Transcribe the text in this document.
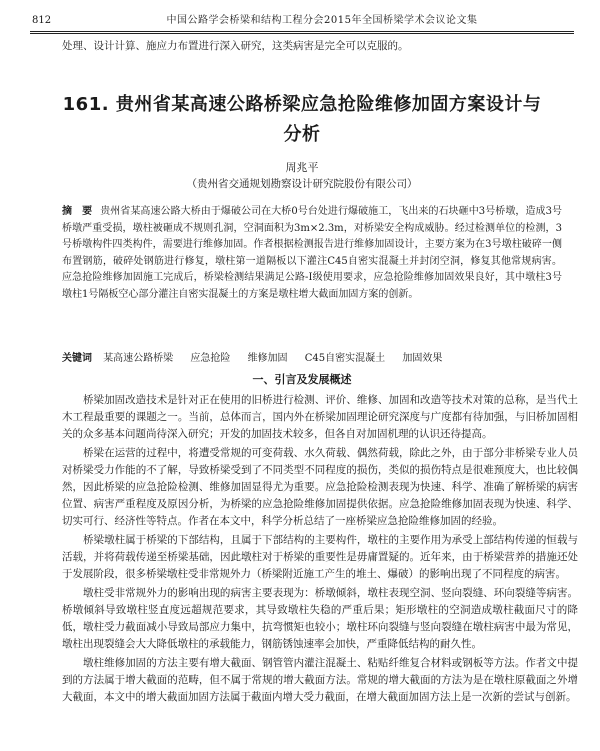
812	中国公路学会桥梁和结构工程分会2015年全国桥梁学术会议论文集
处理、设计计算、施应力布置进行深入研究，这类病害是完全可以克服的。
161. 贵州省某高速公路桥梁应急抢险维修加固方案设计与分析
周兆平
（贵州省交通规划勘察设计研究院股份有限公司）
摘　要 贵州省某高速公路大桥由于爆破公司在大桥0号台处进行爆破施工，飞出来的石块砸中3号桥墩，造成3号桥墩严重受损，墩柱被砸成不规则孔洞，空洞面积为3m×2.3m，对桥梁安全构成威胁。经过检测单位的检测，3号桥墩构件四类构件，需要进行维修加固。作者根据检测报告进行维修加固设计，主要方案为在3号墩柱破碎一侧布置钢筋，破碎处钢筋进行修复，墩柱第一道隔板以下灌注C45自密实混凝土并封闭空洞，修复其他常规病害。应急抢险维修加固施工完成后，桥梁检测结果满足公路-Ⅰ级使用要求，应急抢险维修加固效果良好，其中墩柱3号墩柱1号隔板空心部分灌注自密实混凝土的方案是墩柱增大截面加固方案的创新。
关键词 某高速公路桥梁 应急抢险 维修加固 C45自密实混凝土 加固效果
一、引言及发展概述

桥梁加固改造技术是针对正在使用的旧桥进行检测、评价、维修、加固和改造等技术对策的总称，是当代土木工程最重要的课题之一。当前，总体而言，国内外在桥梁加固理论研究深度与广度都有待加强，与旧桥加固相关的众多基本问题尚待深入研究；开发的加固技术较多，但各自对加固机理的认识还待提高。

桥梁在运营的过程中，将遭受常规的可变荷载、水久荷载、偶然荷载，除此之外，由于部分非桥梁专业人员对桥梁受力作能的不了解，导致桥梁受到了不同类型不同程度的损伤，类似的损伤特点是很难预度大，也比较偶然，因此桥梁的应急抢险检测、维修加固显得尤为重要。应急抢险检测表现为快速、科学、准确了解桥梁的病害位置、病害严重程度及原因分析，为桥梁的应急抢险维修加固提供依据。应急抢险维修加固表现为快速、科学、切实可行、经济性等特点。作者在本文中，科学分析总结了一座桥梁应急抢险维修加固的经验。

桥梁墩柱属于桥梁的下部结构，且属于下部结构的主要构件，墩柱的主要作用为承受上部结构传递的恒载与活载，并将荷载传递至桥梁基础，因此墩柱对于桥梁的重要性是毋庸置疑的。近年来，由于桥梁营养的措施还处于发展阶段，很多桥梁墩柱受非常规外力（桥梁附近施工产生的堆土、爆破）的影响出现了不同程度的病害。

墩柱受非常规外力的影响出现的病害主要表现为：桥墩倾斜，墩柱表现空洞、竖向裂缝、环向裂缝等病害。桥墩倾斜导致墩柱竖直度远超规范要求，其导致墩柱失稳的严重后果；矩形墩柱的空洞造成墩柱截面尺寸的降低，墩柱受力截面减小导致局部应力集中，抗弯惯矩也较小；墩柱环向裂缝与竖向裂缝在墩柱病害中最为常见，墩柱出现裂缝会大大降低墩柱的承载能力，钢筋锈蚀速率会加快，严重降低结构的耐久性。

墩柱维修加固的方法主要有增大截面、钢管管内灌注混凝土、粘贴纤维复合材料或钢板等方法。作者文中提到的方法属于增大截面的范畴，但不属于常规的增大截面方法。常规的增大截面的方法为是在墩柱原截面之外增大截面，本文中的增大截面加固方法属于截面内增大受力截面，在增大截面加固方法上是一次新的尝试与创新。
